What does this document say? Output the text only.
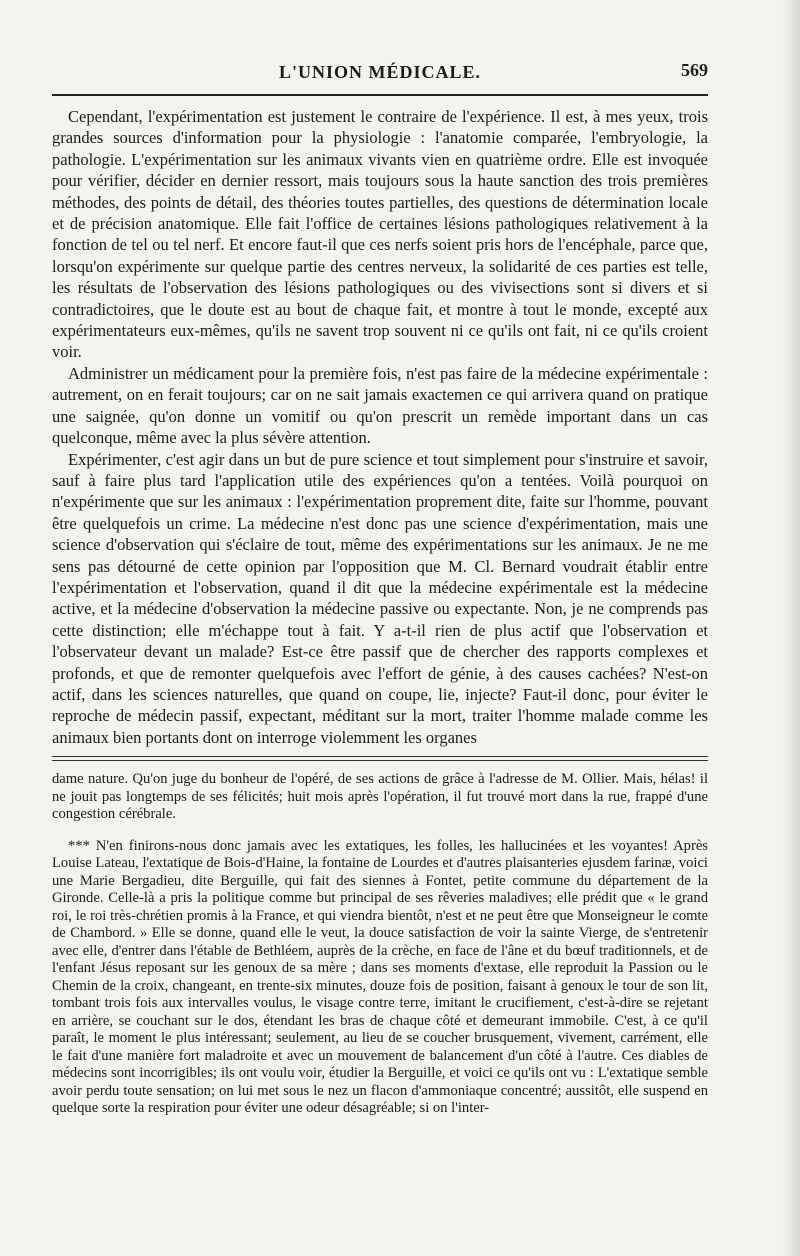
L'UNION MÉDICALE.	569

Cependant, l'expérimentation est justement le contraire de l'expérience. Il est, à mes yeux, trois grandes sources d'information pour la physiologie : l'anatomie comparée, l'embryologie, la pathologie. L'expérimentation sur les animaux vivants vien en quatrième ordre. Elle est invoquée pour vérifier, décider en dernier ressort, mais toujours sous la haute sanction des trois premières méthodes, des points de détail, des théories toutes partielles, des questions de détermination locale et de précision anatomique. Elle fait l'office de certaines lésions pathologiques relativement à la fonction de tel ou tel nerf. Et encore faut-il que ces nerfs soient pris hors de l'encéphale, parce que, lorsqu'on expérimente sur quelque partie des centres nerveux, la solidarité de ces parties est telle, les résultats de l'observation des lésions pathologiques ou des vivisections sont si divers et si contradictoires, que le doute est au bout de chaque fait, et montre à tout le monde, excepté aux expérimentateurs eux-mêmes, qu'ils ne savent trop souvent ni ce qu'ils ont fait, ni ce qu'ils croient voir.

Administrer un médicament pour la première fois, n'est pas faire de la médecine expérimentale : autrement, on en ferait toujours; car on ne sait jamais exactemen ce qui arrivera quand on pratique une saignée, qu'on donne un vomitif ou qu'on prescrit un remède important dans un cas quelconque, même avec la plus sévère attention.

Expérimenter, c'est agir dans un but de pure science et tout simplement pour s'instruire et savoir, sauf à faire plus tard l'application utile des expériences qu'on a tentées. Voilà pourquoi on n'expérimente que sur les animaux : l'expérimentation proprement dite, faite sur l'homme, pouvant être quelquefois un crime. La médecine n'est donc pas une science d'expérimentation, mais une science d'observation qui s'éclaire de tout, même des expérimentations sur les animaux. Je ne me sens pas détourné de cette opinion par l'opposition que M. Cl. Bernard voudrait établir entre l'expérimentation et l'observation, quand il dit que la médecine expérimentale est la médecine active, et la médecine d'observation la médecine passive ou expectante. Non, je ne comprends pas cette distinction; elle m'échappe tout à fait. Y a-t-il rien de plus actif que l'observation et l'observateur devant un malade? Est-ce être passif que de chercher des rapports complexes et profonds, et que de remonter quelquefois avec l'effort de génie, à des causes cachées? N'est-on actif, dans les sciences naturelles, que quand on coupe, lie, injecte? Faut-il donc, pour éviter le reproche de médecin passif, expectant, méditant sur la mort, traiter l'homme malade comme les animaux bien portants dont on interroge violemment les organes

dame nature. Qu'on juge du bonheur de l'opéré, de ses actions de grâce à l'adresse de M. Ollier. Mais, hélas! il ne jouit pas longtemps de ses félicités; huit mois après l'opération, il fut trouvé mort dans la rue, frappé d'une congestion cérébrale.

*** N'en finirons-nous donc jamais avec les extatiques, les folles, les hallucinées et les voyantes! Après Louise Lateau, l'extatique de Bois-d'Haine, la fontaine de Lourdes et d'autres plaisanteries ejusdem farinæ, voici une Marie Bergadieu, dite Berguille, qui fait des siennes à Fontet, petite commune du département de la Gironde. Celle-là a pris la politique comme but principal de ses rêveries maladives; elle prédit que « le grand roi, le roi très-chrétien promis à la France, et qui viendra bientôt, n'est et ne peut être que Monseigneur le comte de Chambord. » Elle se donne, quand elle le veut, la douce satisfaction de voir la sainte Vierge, de s'entretenir avec elle, d'entrer dans l'étable de Bethléem, auprès de la crèche, en face de l'âne et du bœuf traditionnels, et de l'enfant Jésus reposant sur les genoux de sa mère ; dans ses moments d'extase, elle reproduit la Passion ou le Chemin de la croix, changeant, en trente-six minutes, douze fois de position, faisant à genoux le tour de son lit, tombant trois fois aux intervalles voulus, le visage contre terre, imitant le crucifiement, c'est-à-dire se rejetant en arrière, se couchant sur le dos, étendant les bras de chaque côté et demeurant immobile. C'est, à ce qu'il paraît, le moment le plus intéressant; seulement, au lieu de se coucher brusquement, vivement, carrément, elle le fait d'une manière fort maladroite et avec un mouvement de balancement d'un côté à l'autre. Ces diables de médecins sont incorrigibles; ils ont voulu voir, étudier la Berguille, et voici ce qu'ils ont vu : L'extatique semble avoir perdu toute sensation; on lui met sous le nez un flacon d'ammoniaque concentré; aussitôt, elle suspend en quelque sorte la respiration pour éviter une odeur désagréable; si on l'inter-
